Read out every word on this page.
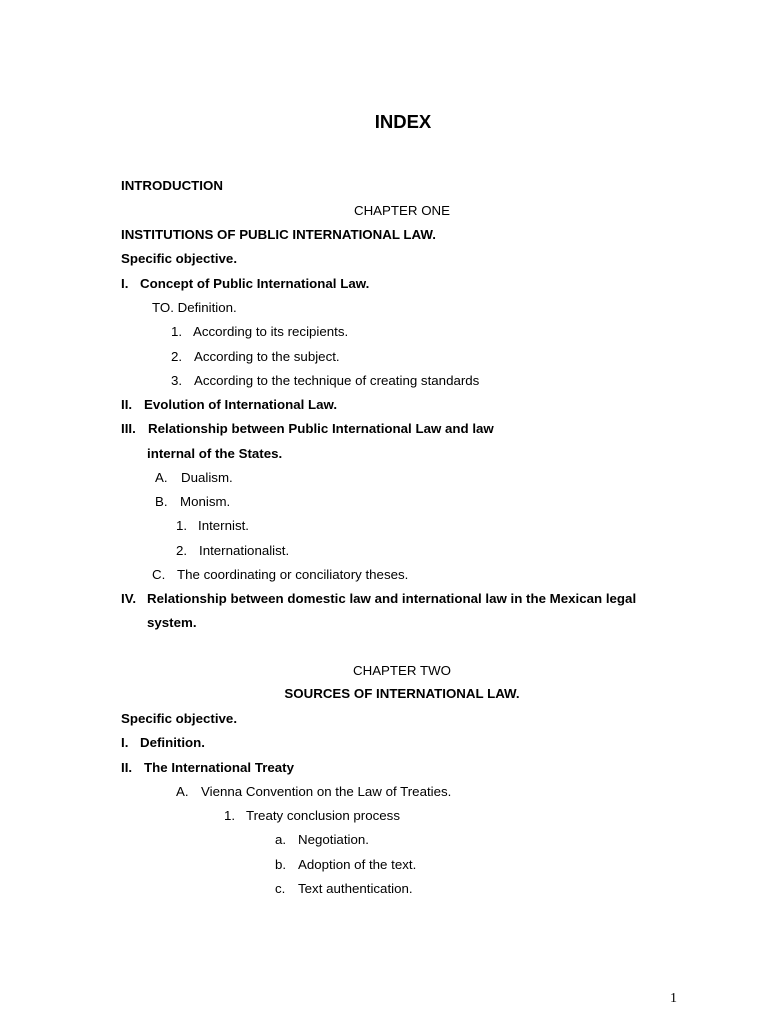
INDEX
INTRODUCTION
CHAPTER ONE
INSTITUTIONS OF PUBLIC INTERNATIONAL LAW.
Specific objective.
I. Concept of Public International Law.
TO. Definition.
1. According to its recipients.
2. According to the subject.
3. According to the technique of creating standards
II. Evolution of International Law.
III. Relationship between Public International Law and law
internal of the States.
A. Dualism.
B. Monism.
1. Internist.
2. Internationalist.
C. The coordinating or conciliatory theses.
IV. Relationship between domestic law and international law in the Mexican legal
system.
CHAPTER TWO
SOURCES OF INTERNATIONAL LAW.
Specific objective.
I. Definition.
II. The International Treaty
A. Vienna Convention on the Law of Treaties.
1. Treaty conclusion process
a. Negotiation.
b. Adoption of the text.
c. Text authentication.
1
